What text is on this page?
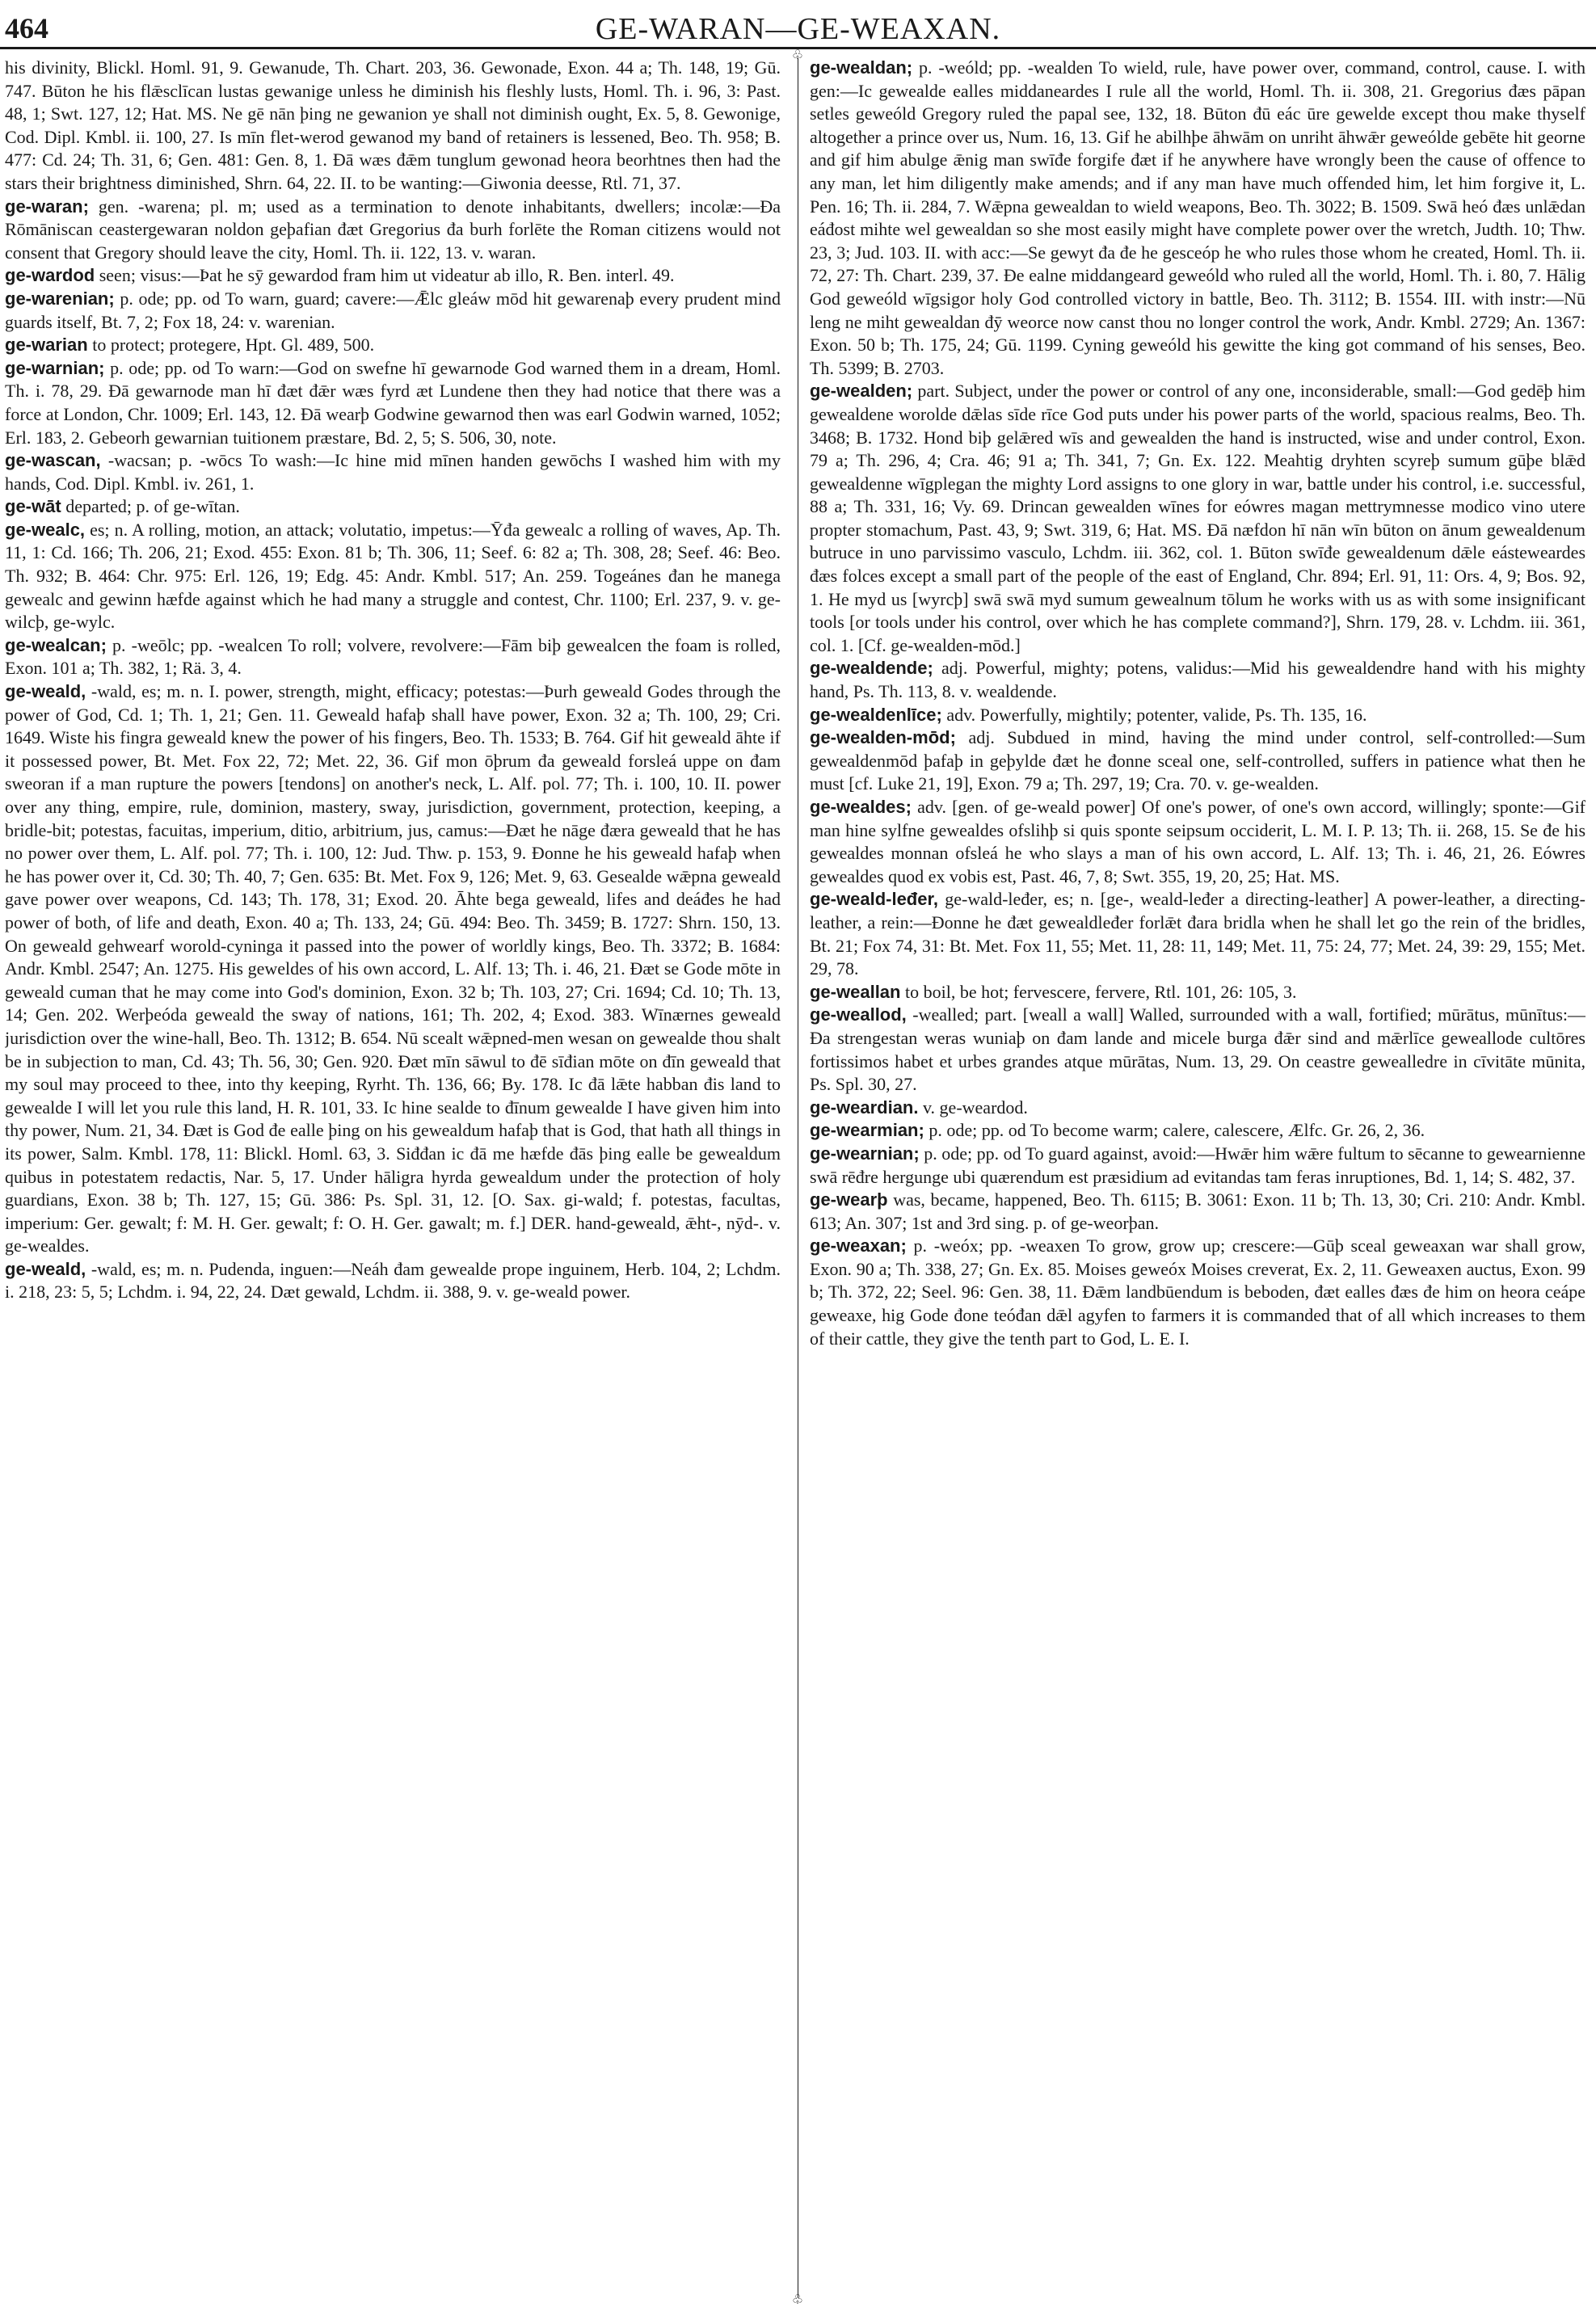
464	GE-WARAN—GE-WEAXAN.

his divinity, Blickl. Homl. 91, 9. Gewanude, Th. Chart. 203, 36. Gewonade, Exon. 44 a; Th. 148, 19; Gū. 747. Būton he his flǣsclīcan lustas gewanige unless he diminish his fleshly lusts, Homl. Th. i. 96, 3: Past. 48, 1; Swt. 127, 12; Hat. MS. Ne gē nān þing ne gewanion ye shall not diminish ought, Ex. 5, 8. Gewonige, Cod. Dipl. Kmbl. ii. 100, 27. Is mīn flet-werod gewanod my band of retainers is lessened, Beo. Th. 958; B. 477: Cd. 24; Th. 31, 6; Gen. 481: Gen. 8, 1. Đā wæs đǣm tunglum gewonad heora beorhtnes then had the stars their brightness diminished, Shrn. 64, 22. II. to be wanting:—Giwonia deesse, Rtl. 71, 37.

ge-waran; gen. -warena; pl. m; used as a termination to denote inhabitants, dwellers; incolæ:—Đa Rōmāniscan ceastergewaran noldon geþafian đæt Gregorius đa burh forlēte the Roman citizens would not consent that Gregory should leave the city, Homl. Th. ii. 122, 13. v. waran.

ge-wardod seen; visus:—Þat he sȳ gewardod fram him ut videatur ab illo, R. Ben. interl. 49.

ge-warenian; p. ode; pp. od To warn, guard; cavere:—Ǣlc gleáw mōd hit gewarenaþ every prudent mind guards itself, Bt. 7, 2; Fox 18, 24: v. warenian.

ge-warian to protect; protegere, Hpt. Gl. 489, 500.

ge-warnian; p. ode; pp. od To warn:—God on swefne hī gewarnode God warned them in a dream, Homl. Th. i. 78, 29. Đā gewarnode man hī đæt đǣr wæs fyrd æt Lundene then they had notice that there was a force at London, Chr. 1009; Erl. 143, 12. Đā wearþ Godwine gewarnod then was earl Godwin warned, 1052; Erl. 183, 2. Gebeorh gewarnian tuitionem præstare, Bd. 2, 5; S. 506, 30, note.

ge-wascan, -wacsan; p. -wōcs To wash:—Ic hine mid mīnen handen gewōchs I washed him with my hands, Cod. Dipl. Kmbl. iv. 261, 1.

ge-wāt departed; p. of ge-wītan.

ge-wealc, es; n. A rolling, motion, an attack; volutatio, impetus:—Ȳđa gewealc a rolling of waves, Ap. Th. 11, 1: Cd. 166; Th. 206, 21; Exod. 455: Exon. 81 b; Th. 306, 11; Seef. 6: 82 a; Th. 308, 28; Seef. 46: Beo. Th. 932; B. 464: Chr. 975: Erl. 126, 19; Edg. 45: Andr. Kmbl. 517; An. 259. Togeánes đan he manega gewealc and gewinn hæfde against which he had many a struggle and contest, Chr. 1100; Erl. 237, 9. v. ge-wilcþ, ge-wylc.

ge-wealcan; p. -weōlc; pp. -wealcen To roll; volvere, revolvere:—Fām biþ gewealcen the foam is rolled, Exon. 101 a; Th. 382, 1; Rä. 3, 4.

ge-weald, -wald, es; m. n. I. power, strength, might, efficacy; potestas:—Þurh geweald Godes through the power of God, Cd. 1; Th. 1, 21; Gen. 11. Geweald hafaþ shall have power, Exon. 32 a; Th. 100, 29; Cri. 1649. Wiste his fingra geweald knew the power of his fingers, Beo. Th. 1533; B. 764. Gif hit geweald āhte if it possessed power, Bt. Met. Fox 22, 72; Met. 22, 36. Gif mon ōþrum đa geweald forsleá uppe on đam sweoran if a man rupture the powers [tendons] on another's neck, L. Alf. pol. 77; Th. i. 100, 10. II. power over any thing, empire, rule, dominion, mastery, sway, jurisdiction, government, protection, keeping, a bridle-bit; potestas, facuitas, imperium, ditio, arbitrium, jus, camus:—Đæt he nāge đæra geweald that he has no power over them, L. Alf. pol. 77; Th. i. 100, 12: Jud. Thw. p. 153, 9. Đonne he his geweald hafaþ when he has power over it, Cd. 30; Th. 40, 7; Gen. 635: Bt. Met. Fox 9, 126; Met. 9, 63. Gesealde wǣpna geweald gave power over weapons, Cd. 143; Th. 178, 31; Exod. 20. Āhte bega geweald, lifes and deáđes he had power of both, of life and death, Exon. 40 a; Th. 133, 24; Gū. 494: Beo. Th. 3459; B. 1727: Shrn. 150, 13. On geweald gehwearf worold-cyninga it passed into the power of worldly kings, Beo. Th. 3372; B. 1684: Andr. Kmbl. 2547; An. 1275. His geweldes of his own accord, L. Alf. 13; Th. i. 46, 21. Đæt se Gode mōte in geweald cuman that he may come into God's dominion, Exon. 32 b; Th. 103, 27; Cri. 1694; Cd. 10; Th. 13, 14; Gen. 202. Werþeóda geweald the sway of nations, 161; Th. 202, 4; Exod. 383. Wīnærnes geweald jurisdiction over the wine-hall, Beo. Th. 1312; B. 654. Nū scealt wǣpned-men wesan on gewealde thou shalt be in subjection to man, Cd. 43; Th. 56, 30; Gen. 920. Đæt mīn sāwul to đē sīđian mōte on đīn geweald that my soul may proceed to thee, into thy keeping, Ryrht. Th. 136, 66; By. 178. Ic đā lǣte habban đis land to gewealde I will let you rule this land, H. R. 101, 33. Ic hine sealde to đīnum gewealde I have given him into thy power, Num. 21, 34. Đæt is God đe ealle þing on his gewealdum hafaþ that is God, that hath all things in its power, Salm. Kmbl. 178, 11: Blickl. Homl. 63, 3. Siđđan ic đā me hæfde đās þing ealle be gewealdum quibus in potestatem redactis, Nar. 5, 17. Under hāligra hyrda gewealdum under the protection of holy guardians, Exon. 38 b; Th. 127, 15; Gū. 386: Ps. Spl. 31, 12. [O. Sax. gi-wald; f. potestas, facultas, imperium: Ger. gewalt; f: M. H. Ger. gewalt; f: O. H. Ger. gawalt; m. f.] DER. hand-geweald, ǣht-, nȳd-. v. ge-wealdes.

ge-weald, -wald, es; m. n. Pudenda, inguen:—Neáh đam gewealde prope inguinem, Herb. 104, 2; Lchdm. i. 218, 23: 5, 5; Lchdm. i. 94, 22, 24. Dæt gewald, Lchdm. ii. 388, 9. v. ge-weald power.

♧
♧

ge-wealdan; p. -weóld; pp. -wealden To wield, rule, have power over, command, control, cause. I. with gen:—Ic gewealde ealles middaneardes I rule all the world, Homl. Th. ii. 308, 21. Gregorius đæs pāpan setles geweóld Gregory ruled the papal see, 132, 18. Būton đū eác ūre gewelde except thou make thyself altogether a prince over us, Num. 16, 13. Gif he abilhþe āhwām on unriht āhwǣr geweólde gebēte hit georne and gif him abulge ǣnig man swīđe forgife đæt if he anywhere have wrongly been the cause of offence to any man, let him diligently make amends; and if any man have much offended him, let him forgive it, L. Pen. 16; Th. ii. 284, 7. Wǣpna gewealdan to wield weapons, Beo. Th. 3022; B. 1509. Swā heó đæs unlǣdan eáđost mihte wel gewealdan so she most easily might have complete power over the wretch, Judth. 10; Thw. 23, 3; Jud. 103. II. with acc:—Se gewyt đa đe he gesceóp he who rules those whom he created, Homl. Th. ii. 72, 27: Th. Chart. 239, 37. Đe ealne middangeard geweóld who ruled all the world, Homl. Th. i. 80, 7. Hālig God geweóld wīgsigor holy God controlled victory in battle, Beo. Th. 3112; B. 1554. III. with instr:—Nū leng ne miht gewealdan đȳ weorce now canst thou no longer control the work, Andr. Kmbl. 2729; An. 1367: Exon. 50 b; Th. 175, 24; Gū. 1199. Cyning geweóld his gewitte the king got command of his senses, Beo. Th. 5399; B. 2703.

ge-wealden; part. Subject, under the power or control of any one, inconsiderable, small:—God gedēþ him gewealdene worolde dǣlas sīde rīce God puts under his power parts of the world, spacious realms, Beo. Th. 3468; B. 1732. Hond biþ gelǣred wīs and gewealden the hand is instructed, wise and under control, Exon. 79 a; Th. 296, 4; Cra. 46; 91 a; Th. 341, 7; Gn. Ex. 122. Meahtig dryhten scyreþ sumum gūþe blǣd gewealdenne wīgplegan the mighty Lord assigns to one glory in war, battle under his control, i.e. successful, 88 a; Th. 331, 16; Vy. 69. Drincan gewealden wīnes for eówres magan mettrymnesse modico vino utere propter stomachum, Past. 43, 9; Swt. 319, 6; Hat. MS. Đā næfdon hī nān wīn būton on ānum gewealdenum butruce in uno parvissimo vasculo, Lchdm. iii. 362, col. 1. Būton swīđe gewealdenum dǣle eásteweardes đæs folces except a small part of the people of the east of England, Chr. 894; Erl. 91, 11: Ors. 4, 9; Bos. 92, 1. He myd us [wyrcþ] swā swā myd sumum gewealnum tōlum he works with us as with some insignificant tools [or tools under his control, over which he has complete command?], Shrn. 179, 28. v. Lchdm. iii. 361, col. 1. [Cf. ge-wealden-mōd.]

ge-wealdende; adj. Powerful, mighty; potens, validus:—Mid his gewealdendre hand with his mighty hand, Ps. Th. 113, 8. v. wealdende.

ge-wealdenlīce; adv. Powerfully, mightily; potenter, valide, Ps. Th. 135, 16.

ge-wealden-mōd; adj. Subdued in mind, having the mind under control, self-controlled:—Sum gewealdenmōd þafaþ in geþylde đæt he đonne sceal one, self-controlled, suffers in patience what then he must [cf. Luke 21, 19], Exon. 79 a; Th. 297, 19; Cra. 70. v. ge-wealden.

ge-wealdes; adv. [gen. of ge-weald power] Of one's power, of one's own accord, willingly; sponte:—Gif man hine sylfne gewealdes ofslihþ si quis sponte seipsum occiderit, L. M. I. P. 13; Th. ii. 268, 15. Se đe his gewealdes monnan ofsleá he who slays a man of his own accord, L. Alf. 13; Th. i. 46, 21, 26. Eówres gewealdes quod ex vobis est, Past. 46, 7, 8; Swt. 355, 19, 20, 25; Hat. MS.

ge-weald-leđer, ge-wald-leđer, es; n. [ge-, weald-leđer a directing-leather] A power-leather, a directing-leather, a rein:—Đonne he đæt gewealdleđer forlǣt đara bridla when he shall let go the rein of the bridles, Bt. 21; Fox 74, 31: Bt. Met. Fox 11, 55; Met. 11, 28: 11, 149; Met. 11, 75: 24, 77; Met. 24, 39: 29, 155; Met. 29, 78.

ge-weallan to boil, be hot; fervescere, fervere, Rtl. 101, 26: 105, 3.

ge-weallod, -wealled; part. [weall a wall] Walled, surrounded with a wall, fortified; mūrātus, mūnītus:—Đa strengestan weras wuniaþ on đam lande and micele burga đǣr sind and mǣrlīce geweallode cultōres fortissimos habet et urbes grandes atque mūrātas, Num. 13, 29. On ceastre gewealledre in cīvitāte mūnita, Ps. Spl. 30, 27.

ge-weardian. v. ge-weardod.

ge-wearmian; p. ode; pp. od To become warm; calere, calescere, Ælfc. Gr. 26, 2, 36.

ge-wearnian; p. ode; pp. od To guard against, avoid:—Hwǣr him wǣre fultum to sēcanne to gewearnienne swā rēđre hergunge ubi quærendum est præsidium ad evitandas tam feras inruptiones, Bd. 1, 14; S. 482, 37.

ge-wearþ was, became, happened, Beo. Th. 6115; B. 3061: Exon. 11 b; Th. 13, 30; Cri. 210: Andr. Kmbl. 613; An. 307; 1st and 3rd sing. p. of ge-weorþan.

ge-weaxan; p. -weóx; pp. -weaxen To grow, grow up; crescere:—Gūþ sceal geweaxan war shall grow, Exon. 90 a; Th. 338, 27; Gn. Ex. 85. Moises geweóx Moises creverat, Ex. 2, 11. Geweaxen auctus, Exon. 99 b; Th. 372, 22; Seel. 96: Gen. 38, 11. Đǣm landbūendum is beboden, đæt ealles đæs đe him on heora ceápe geweaxe, hig Gode đone teóđan dǣl agyfen to farmers it is commanded that of all which increases to them of their cattle, they give the tenth part to God, L. E. I.
